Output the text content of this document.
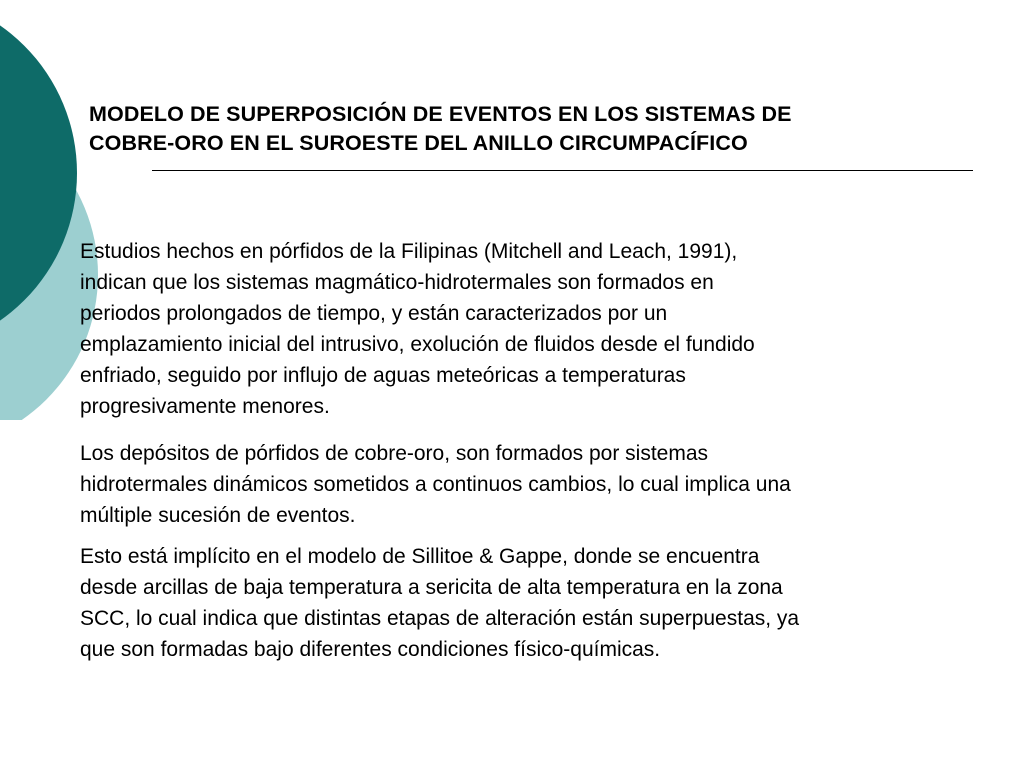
MODELO DE SUPERPOSICIÓN DE EVENTOS EN LOS SISTEMAS DE
COBRE-ORO EN EL SUROESTE DEL ANILLO CIRCUMPACÍFICO

Estudios hechos en pórfidos de la Filipinas (Mitchell and Leach, 1991),
indican que los sistemas magmático-hidrotermales son formados en
periodos prolongados de tiempo, y están caracterizados por un
emplazamiento inicial del intrusivo, exolución de fluidos desde el fundido
enfriado, seguido por influjo de aguas meteóricas a temperaturas
progresivamente menores.

Los depósitos de pórfidos de cobre-oro, son formados por sistemas
hidrotermales dinámicos sometidos a continuos cambios, lo cual implica una
múltiple sucesión de eventos.

Esto está implícito en el modelo de Sillitoe & Gappe, donde se encuentra
desde arcillas de baja temperatura a sericita de alta temperatura en la zona
SCC, lo cual indica que distintas etapas de alteración están superpuestas, ya
que son formadas bajo diferentes condiciones físico-químicas.
